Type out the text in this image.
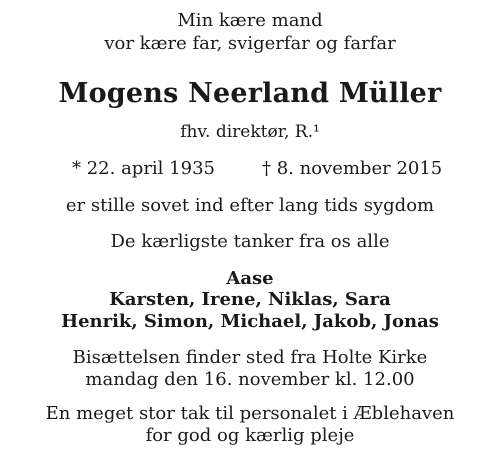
Min kære mand
vor kære far, svigerfar og farfar
Mogens Neerland Müller
fhv. direktør, R.¹
* 22. april 1935	† 8. november 2015
er stille sovet ind efter lang tids sygdom
De kærligste tanker fra os alle
Aase
Karsten, Irene, Niklas, Sara
Henrik, Simon, Michael, Jakob, Jonas
Bisættelsen finder sted fra Holte Kirke
mandag den 16. november kl. 12.00
En meget stor tak til personalet i Æblehaven
for god og kærlig pleje
